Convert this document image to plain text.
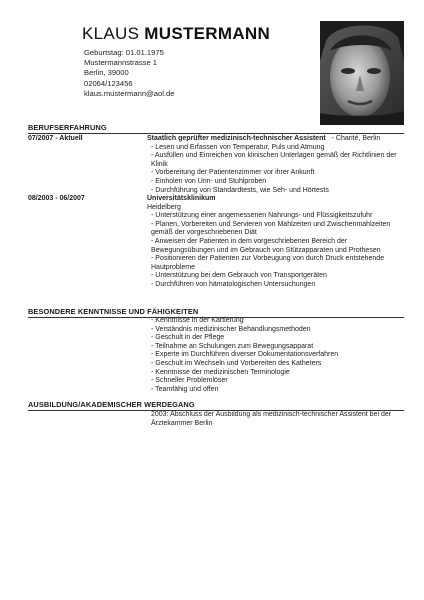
KLAUS MUSTERMANN
Geburtstag: 01.01.1975
Mustermannstrasse 1
Berlin, 39000
02064/123456
klaus.mustermann@aol.de
BERUFSERFAHRUNG
07/2007 - Aktuell	Staatlich geprüfter medizinisch-technischer Assistent - Charité, Berlin
- Lesen und Erfassen von Temperatur, Puls und Atmung
- Ausfüllen und Einreichen von klinischen Unterlagen gemäß der Richtlinien der Klinik
- Vorbereitung der Patientenzimmer vor ihrer Ankunft
- Einholen von Urin- und Stuhlproben
- Durchführung von Standardtests, wie Seh- und Hörtests
08/2003 - 06/2007	Universitätsklinikum
Heidelberg
- Unterstützung einer angemessenen Nahrungs- und Flüssigkeitszufuhr
- Planen, Vorbereiten und Servieren von Mahlzeiten und Zwischenmahlzeiten gemäß der vorgeschriebenen Diät
- Anweisen der Patienten in dem vorgeschriebenen Bereich der Bewegungsübungen und im Gebrauch von Stützapparaten und Prothesen
- Positionieren der Patienten zur Vorbeugung von durch Druck entstehende Hautprobleme
- Unterstützung bei dem Gebrauch von Transportgeräten
- Durchführen von hämatologischen Untersuchungen
BESONDERE KENNTNISSE UND FÄHIGKEITEN
- Kenntnisse in der Kartierung
- Verständnis medizinischer Behandlungsmethoden
- Geschult in der Pflege
- Teilnahme an Schulungen zum Bewegungsapparat
- Experte im Durchführen diverser Dokumentationsverfahren
- Geschult im Wechseln und Vorbereiten des Katheters
- Kenntnisse der medizinischen Terminologie
- Schneller Problemlöser
- Teamfähig und offen
AUSBILDUNG/AKADEMISCHER WERDEGANG
2003: Abschluss der Ausbildung als medizinisch-technischer Assistent bei der Ärztekammer Berlin
